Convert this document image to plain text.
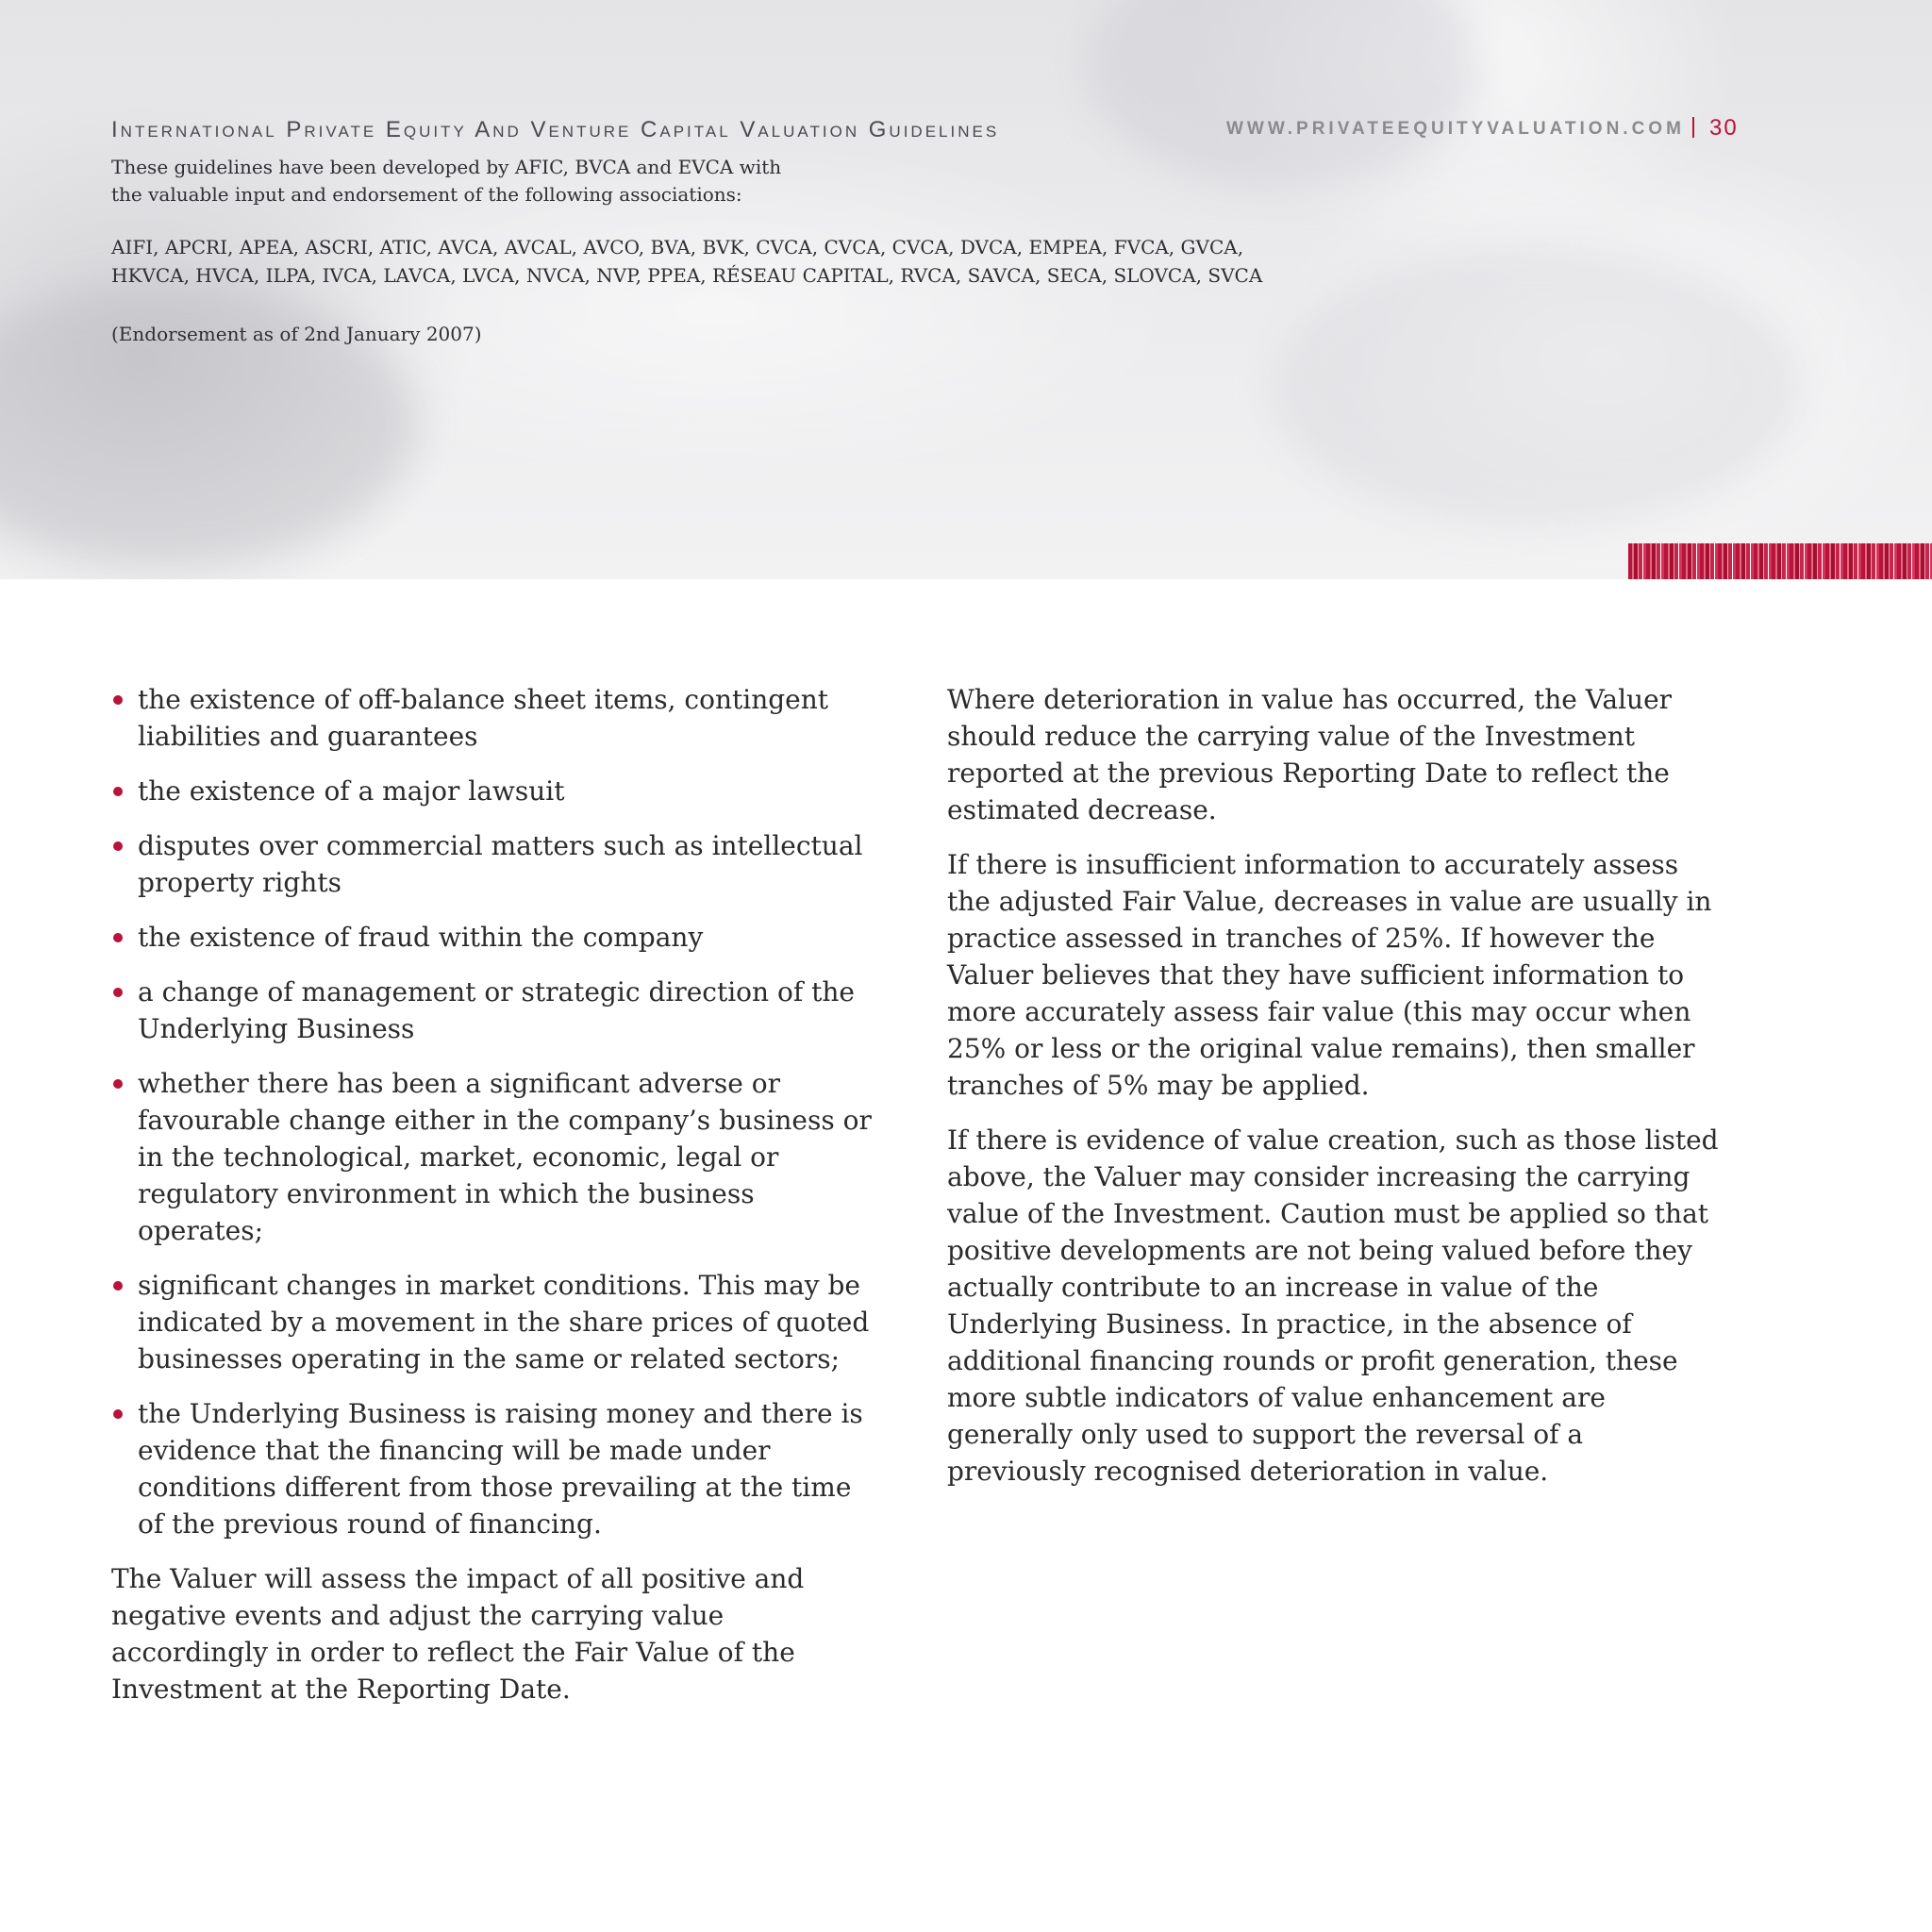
International Private Equity And Venture Capital Valuation Guidelines	WWW.PRIVATEEQUITYVALUATION.COM 30
These guidelines have been developed by AFIC, BVCA and EVCA with
the valuable input and endorsement of the following associations:
AIFI, APCRI, APEA, ASCRI, ATIC, AVCA, AVCAL, AVCO, BVA, BVK, CVCA, CVCA, CVCA, DVCA, EMPEA, FVCA, GVCA,
HKVCA, HVCA, ILPA, IVCA, LAVCA, LVCA, NVCA, NVP, PPEA, RÉSEAU CAPITAL, RVCA, SAVCA, SECA, SLOVCA, SVCA
(Endorsement as of 2nd January 2007)
the existence of off-balance sheet items, contingent liabilities and guarantees
the existence of a major lawsuit
disputes over commercial matters such as intellectual property rights
the existence of fraud within the company
a change of management or strategic direction of the Underlying Business
whether there has been a significant adverse or favourable change either in the company’s business or in the technological, market, economic, legal or regulatory environment in which the business operates;
significant changes in market conditions. This may be indicated by a movement in the share prices of quoted businesses operating in the same or related sectors;
the Underlying Business is raising money and there is evidence that the financing will be made under conditions different from those prevailing at the time of the previous round of financing.

The Valuer will assess the impact of all positive and negative events and adjust the carrying value accordingly in order to reflect the Fair Value of the Investment at the Reporting Date.

Where deterioration in value has occurred, the Valuer should reduce the carrying value of the Investment reported at the previous Reporting Date to reflect the estimated decrease.

If there is insufficient information to accurately assess the adjusted Fair Value, decreases in value are usually in practice assessed in tranches of 25%. If however the Valuer believes that they have sufficient information to more accurately assess fair value (this may occur when 25% or less or the original value remains), then smaller tranches of 5% may be applied.

If there is evidence of value creation, such as those listed above, the Valuer may consider increasing the carrying value of the Investment. Caution must be applied so that positive developments are not being valued before they actually contribute to an increase in value of the Underlying Business. In practice, in the absence of additional financing rounds or profit generation, these more subtle indicators of value enhancement are generally only used to support the reversal of a previously recognised deterioration in value.
